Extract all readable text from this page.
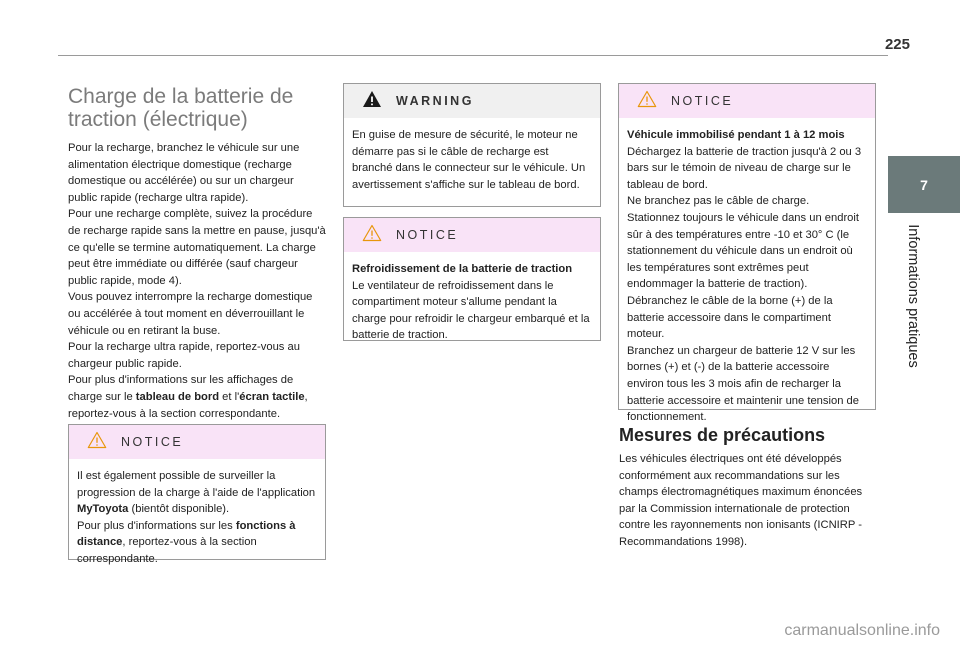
225
7
Informations pratiques
Charge de la batterie de
traction (électrique)

Pour la recharge, branchez le véhicule sur une alimentation électrique domestique (recharge domestique ou accélérée) ou sur un chargeur public rapide (recharge ultra rapide).

Pour une recharge complète, suivez la procédure de recharge rapide sans la mettre en pause, jusqu'à ce qu'elle se termine automatiquement. La charge peut être immédiate ou différée (sauf chargeur public rapide, mode 4).

Vous pouvez interrompre la recharge domestique ou accélérée à tout moment en déverrouillant le véhicule ou en retirant la buse.

Pour la recharge ultra rapide, reportez-vous au chargeur public rapide.

Pour plus d'informations sur les affichages de charge sur le tableau de bord et l'écran tactile, reportez-vous à la section correspondante.

NOTICE

Il est également possible de surveiller la progression de la charge à l'aide de l'application MyToyota (bientôt disponible).

Pour plus d'informations sur les fonctions à distance, reportez-vous à la section correspondante.

WARNING

En guise de mesure de sécurité, le moteur ne démarre pas si le câble de recharge est branché dans le connecteur sur le véhicule. Un avertissement s'affiche sur le tableau de bord.

NOTICE

Refroidissement de la batterie de traction

Le ventilateur de refroidissement dans le compartiment moteur s'allume pendant la charge pour refroidir le chargeur embarqué et la batterie de traction.

NOTICE

Véhicule immobilisé pendant 1 à 12 mois

Déchargez la batterie de traction jusqu'à 2 ou 3 bars sur le témoin de niveau de charge sur le tableau de bord.

Ne branchez pas le câble de charge.

Stationnez toujours le véhicule dans un endroit sûr à des températures entre -10 et 30° C (le stationnement du véhicule dans un endroit où les températures sont extrêmes peut endommager la batterie de traction).

Débranchez le câble de la borne (+) de la batterie accessoire dans le compartiment moteur.

Branchez un chargeur de batterie 12 V sur les bornes (+) et (-) de la batterie accessoire environ tous les 3 mois afin de recharger la batterie accessoire et maintenir une tension de fonctionnement.

Mesures de précautions

Les véhicules électriques ont été développés conformément aux recommandations sur les champs électromagnétiques maximum énoncées par la Commission internationale de protection contre les rayonnements non ionisants (ICNIRP - Recommandations 1998).

carmanualsonline.info
